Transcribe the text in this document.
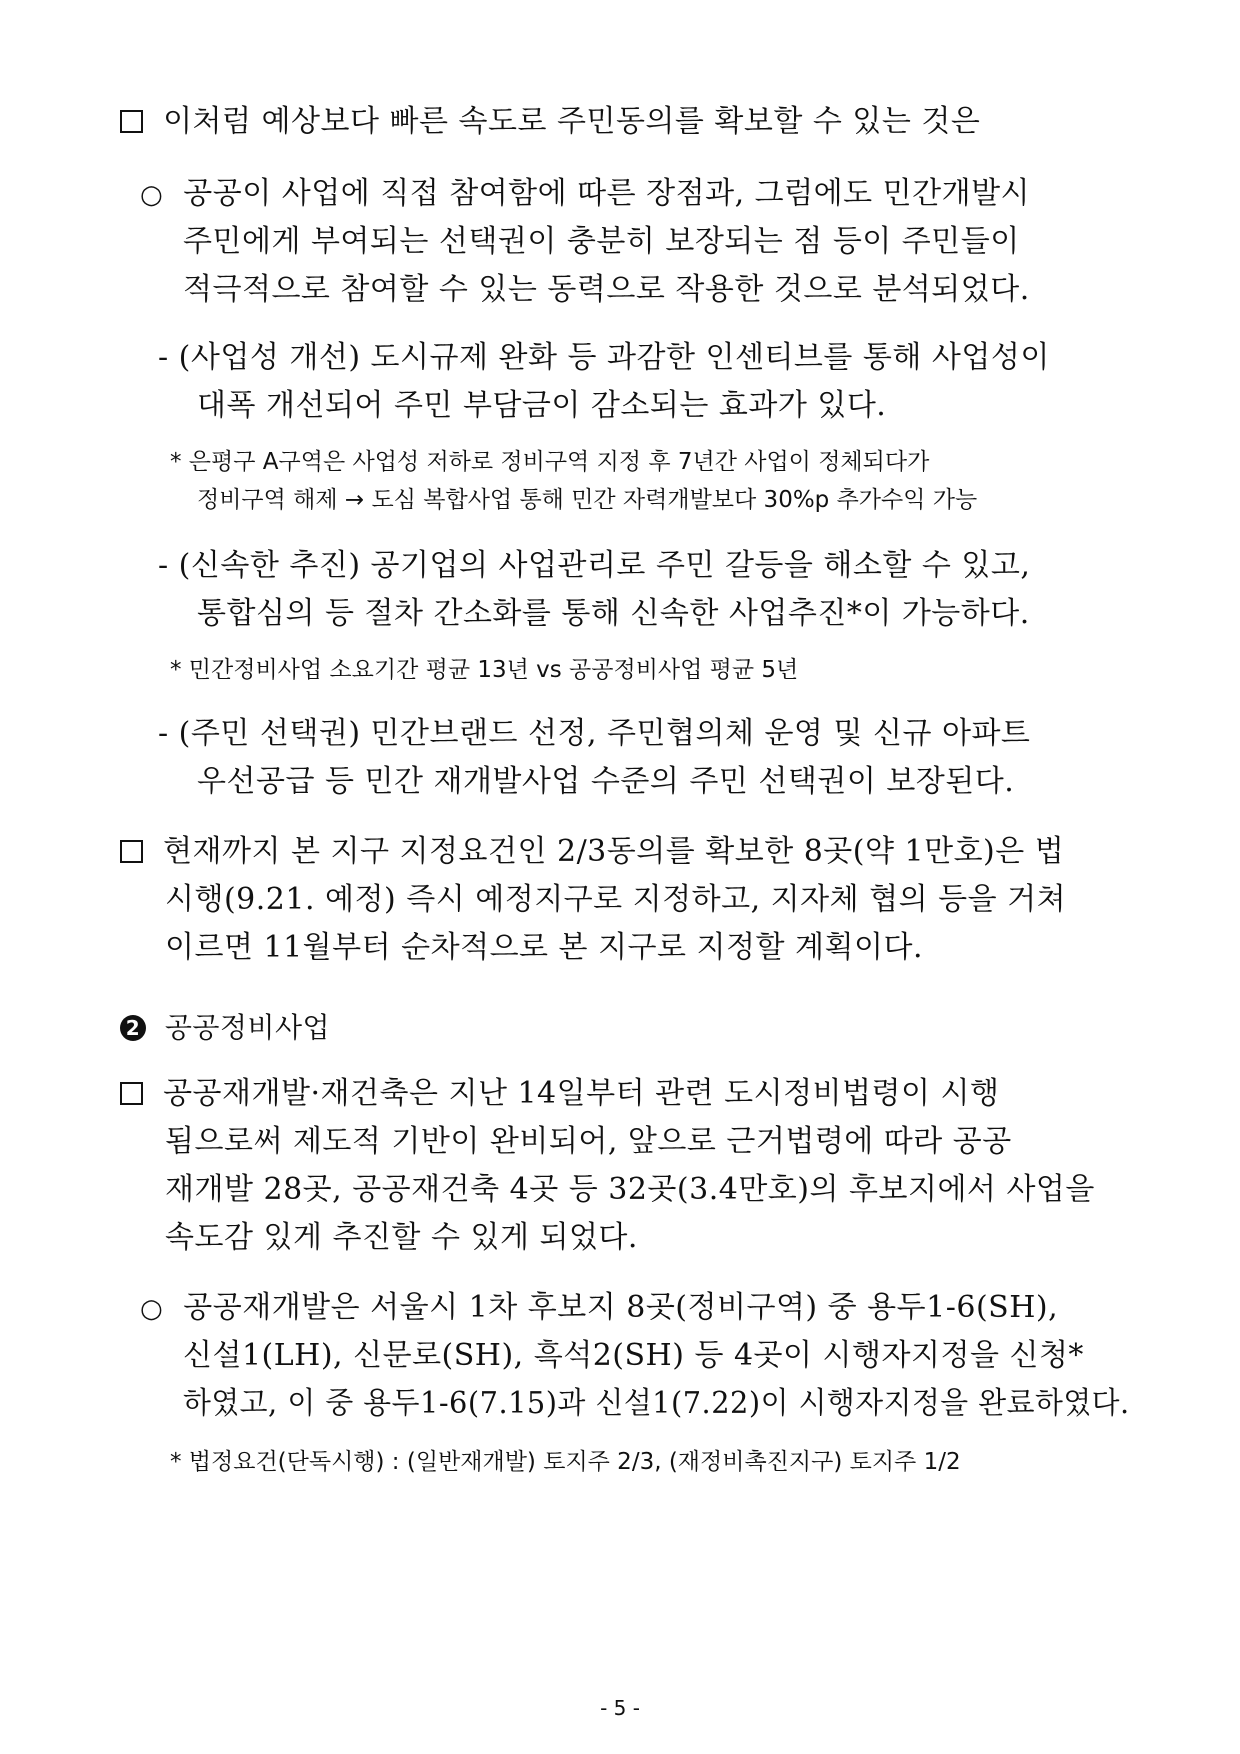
이처럼 예상보다 빠른 속도로 주민동의를 확보할 수 있는 것은
○ 공공이 사업에 직접 참여함에 따른 장점과, 그럼에도 민간개발시
주민에게 부여되는 선택권이 충분히 보장되는 점 등이 주민들이
적극적으로 참여할 수 있는 동력으로 작용한 것으로 분석되었다.
- (사업성 개선) 도시규제 완화 등 과감한 인센티브를 통해 사업성이
대폭 개선되어 주민 부담금이 감소되는 효과가 있다.
* 은평구 A구역은 사업성 저하로 정비구역 지정 후 7년간 사업이 정체되다가
정비구역 해제 → 도심 복합사업 통해 민간 자력개발보다 30%p 추가수익 가능
- (신속한 추진) 공기업의 사업관리로 주민 갈등을 해소할 수 있고,
통합심의 등 절차 간소화를 통해 신속한 사업추진*이 가능하다.
* 민간정비사업 소요기간 평균 13년 vs 공공정비사업 평균 5년
- (주민 선택권) 민간브랜드 선정, 주민협의체 운영 및 신규 아파트
우선공급 등 민간 재개발사업 수준의 주민 선택권이 보장된다.
현재까지 본 지구 지정요건인 2/3동의를 확보한 8곳(약 1만호)은 법
시행(9.21. 예정) 즉시 예정지구로 지정하고, 지자체 협의 등을 거쳐
이르면 11월부터 순차적으로 본 지구로 지정할 계획이다.
2 공공정비사업
공공재개발·재건축은 지난 14일부터 관련 도시정비법령이 시행
됨으로써 제도적 기반이 완비되어, 앞으로 근거법령에 따라 공공
재개발 28곳, 공공재건축 4곳 등 32곳(3.4만호)의 후보지에서 사업을
속도감 있게 추진할 수 있게 되었다.
○ 공공재개발은 서울시 1차 후보지 8곳(정비구역) 중 용두1-6(SH),
신설1(LH), 신문로(SH), 흑석2(SH) 등 4곳이 시행자지정을 신청*
하였고, 이 중 용두1-6(7.15)과 신설1(7.22)이 시행자지정을 완료하였다.
* 법정요건(단독시행) : (일반재개발) 토지주 2/3, (재정비촉진지구) 토지주 1/2
- 5 -
